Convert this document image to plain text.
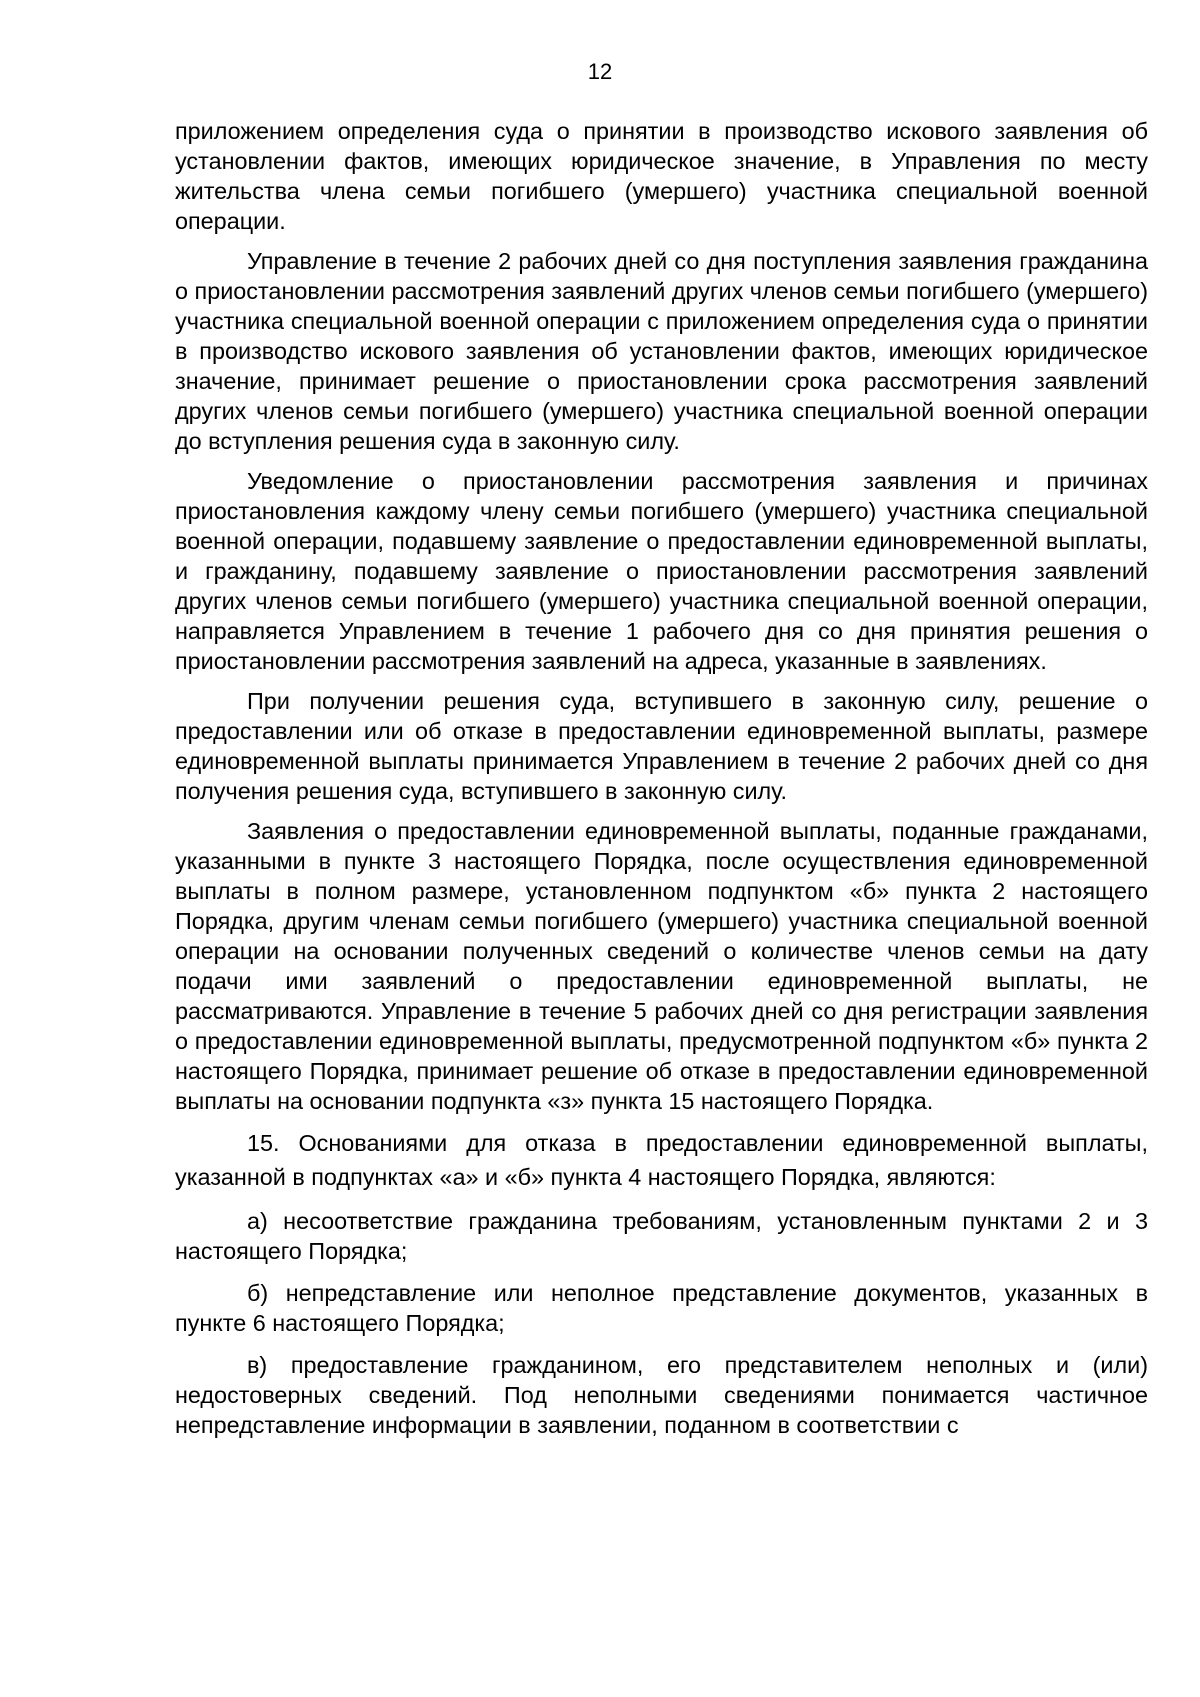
12

приложением определения суда о принятии в производство искового заявления об установлении фактов, имеющих юридическое значение, в Управления по месту жительства члена семьи погибшего (умершего) участника специальной военной операции.

Управление в течение 2 рабочих дней со дня поступления заявления гражданина о приостановлении рассмотрения заявлений других членов семьи погибшего (умершего) участника специальной военной операции с приложением определения суда о принятии в производство искового заявления об установлении фактов, имеющих юридическое значение, принимает решение о приостановлении срока рассмотрения заявлений других членов семьи погибшего (умершего) участника специальной военной операции до вступления решения суда в законную силу.

Уведомление о приостановлении рассмотрения заявления и причинах приостановления каждому члену семьи погибшего (умершего) участника специальной военной операции, подавшему заявление о предоставлении единовременной выплаты, и гражданину, подавшему заявление о приостановлении рассмотрения заявлений других членов семьи погибшего (умершего) участника специальной военной операции, направляется Управлением в течение 1 рабочего дня со дня принятия решения о приостановлении рассмотрения заявлений на адреса, указанные в заявлениях.

При получении решения суда, вступившего в законную силу, решение о предоставлении или об отказе в предоставлении единовременной выплаты, размере единовременной выплаты принимается Управлением в течение 2 рабочих дней со дня получения решения суда, вступившего в законную силу.

Заявления о предоставлении единовременной выплаты, поданные гражданами, указанными в пункте 3 настоящего Порядка, после осуществления единовременной выплаты в полном размере, установленном подпунктом «б» пункта 2 настоящего Порядка, другим членам семьи погибшего (умершего) участника специальной военной операции на основании полученных сведений о количестве членов семьи на дату подачи ими заявлений о предоставлении единовременной выплаты, не рассматриваются. Управление в течение 5 рабочих дней со дня регистрации заявления о предоставлении единовременной выплаты, предусмотренной подпунктом «б» пункта 2 настоящего Порядка, принимает решение об отказе в предоставлении единовременной выплаты на основании подпункта «з» пункта 15 настоящего Порядка.

15. Основаниями для отказа в предоставлении единовременной выплаты, указанной в подпунктах «а» и «б» пункта 4 настоящего Порядка, являются:

а) несоответствие гражданина требованиям, установленным пунктами 2 и 3 настоящего Порядка;

б) непредставление или неполное представление документов, указанных в пункте 6 настоящего Порядка;

в) предоставление гражданином, его представителем неполных и (или) недостоверных сведений. Под неполными сведениями понимается частичное непредставление информации в заявлении, поданном в соответствии с
